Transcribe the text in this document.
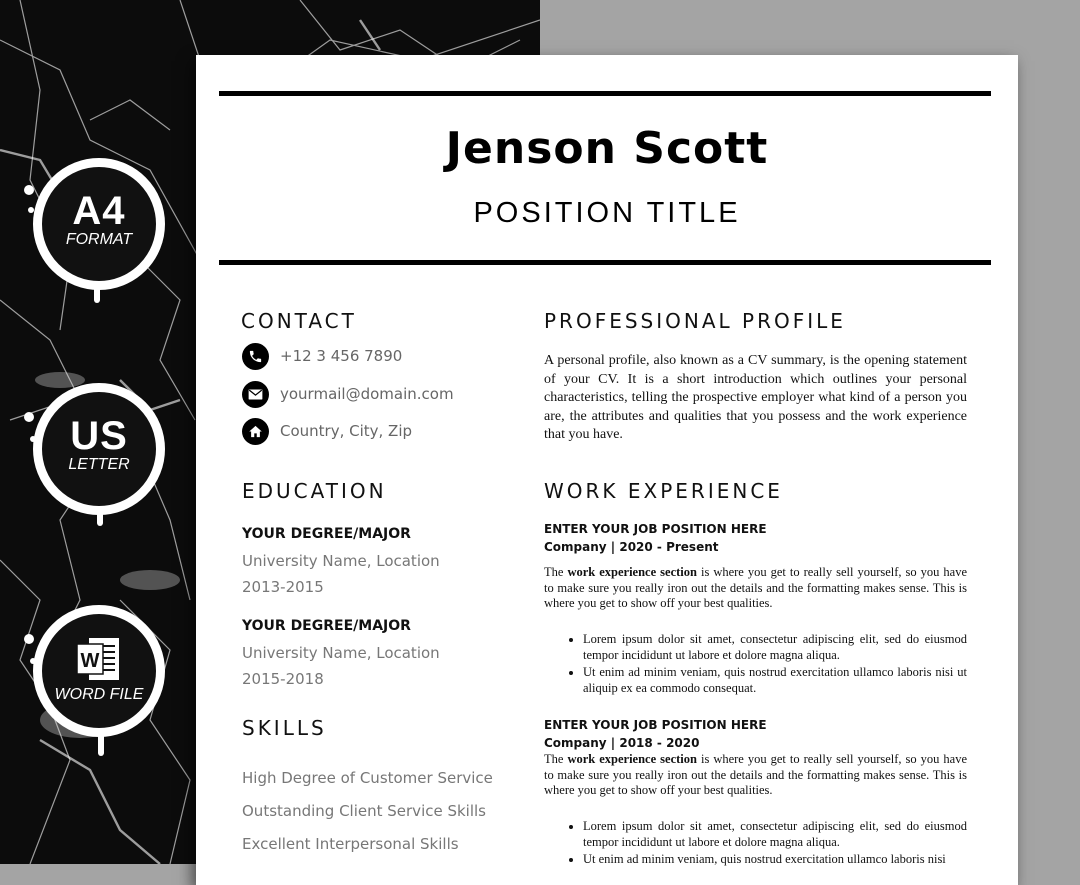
A4
FORMAT
US
LETTER
W
WORD FILE
Jenson Scott
POSITION TITLE
CONTACT
+12 3 456 7890
yourmail@domain.com
Country, City, Zip
EDUCATION
YOUR DEGREE/MAJOR
University Name, Location
2013-2015
YOUR DEGREE/MAJOR
University Name, Location
2015-2018
SKILLS
High Degree of Customer Service
Outstanding Client Service Skills
Excellent Interpersonal Skills
PROFESSIONAL PROFILE
A personal profile, also known as a CV summary, is the opening statement of your CV. It is a short introduction which outlines your personal characteristics, telling the prospective employer what kind of a person you are, the attributes and qualities that you possess and the work experience that you have.
WORK EXPERIENCE
ENTER YOUR JOB POSITION HERE
Company | 2020 - Present
The work experience section is where you get to really sell yourself, so you have to make sure you really iron out the details and the formatting makes sense. This is where you get to show off your best qualities.
• Lorem ipsum dolor sit amet, consectetur adipiscing elit, sed do eiusmod tempor incididunt ut labore et dolore magna aliqua.
• Ut enim ad minim veniam, quis nostrud exercitation ullamco laboris nisi ut aliquip ex ea commodo consequat.
ENTER YOUR JOB POSITION HERE
Company | 2018 - 2020
The work experience section is where you get to really sell yourself, so you have to make sure you really iron out the details and the formatting makes sense. This is where you get to show off your best qualities.
• Lorem ipsum dolor sit amet, consectetur adipiscing elit, sed do eiusmod tempor incididunt ut labore et dolore magna aliqua.
• Ut enim ad minim veniam, quis nostrud exercitation ullamco laboris nisi
